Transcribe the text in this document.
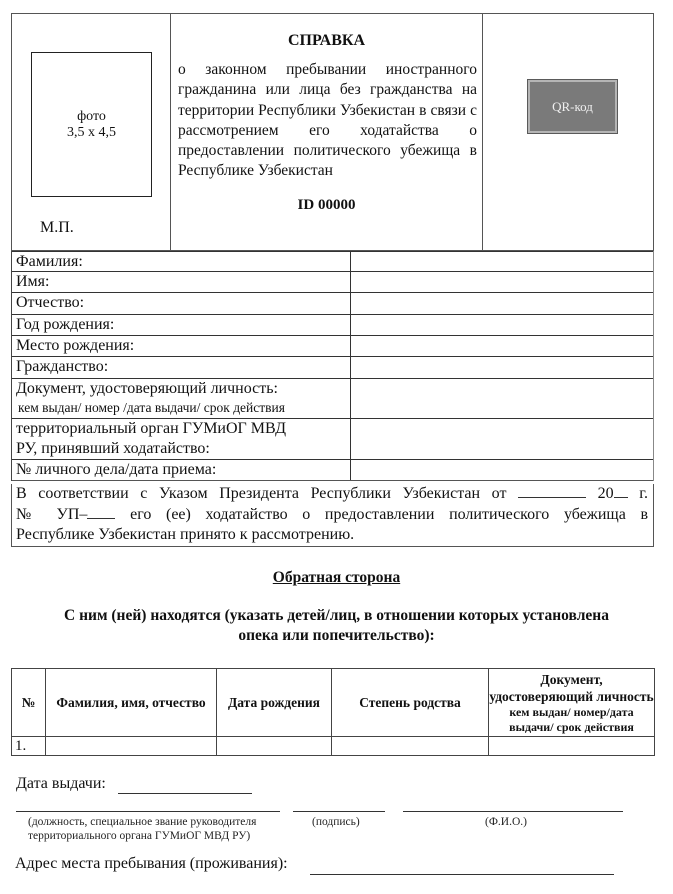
фото
3,5 x 4,5
М.П.
СПРАВКА
о законном пребывании иностранного гражданина или лица без гражданства на территории Республики Узбекистан в связи с рассмотрением его ходатайства о предоставлении политического убежища в Республике Узбекистан
ID 00000
QR-код
Фамилия:
Имя:
Отчество:
Год рождения:
Место рождения:
Гражданство:
Документ, удостоверяющий личность:
кем выдан/ номер /дата выдачи/ срок действия
территориальный орган ГУМиОГ МВД РУ, принявший ходатайство:
№ личного дела/дата приема:
В соответствии с Указом Президента Республики Узбекистан от	20 г.
№ УП–	его (ее) ходатайство о предоставлении политического убежища в
Республике Узбекистан принято к рассмотрению.
Обратная сторона
С ним (ней) находятся (указать детей/лиц, в отношении которых установлена опека или попечительство):
№	Фамилия, имя, отчество	Дата рождения	Степень родства	Документ, удостоверяющий личность
кем выдан/ номер/дата выдачи/ срок действия

1.				
Дата выдачи:
(должность, специальное звание руководителя
территориального органа ГУМиОГ МВД РУ)
(подпись)	(Ф.И.О.)
Адрес места пребывания (проживания):
